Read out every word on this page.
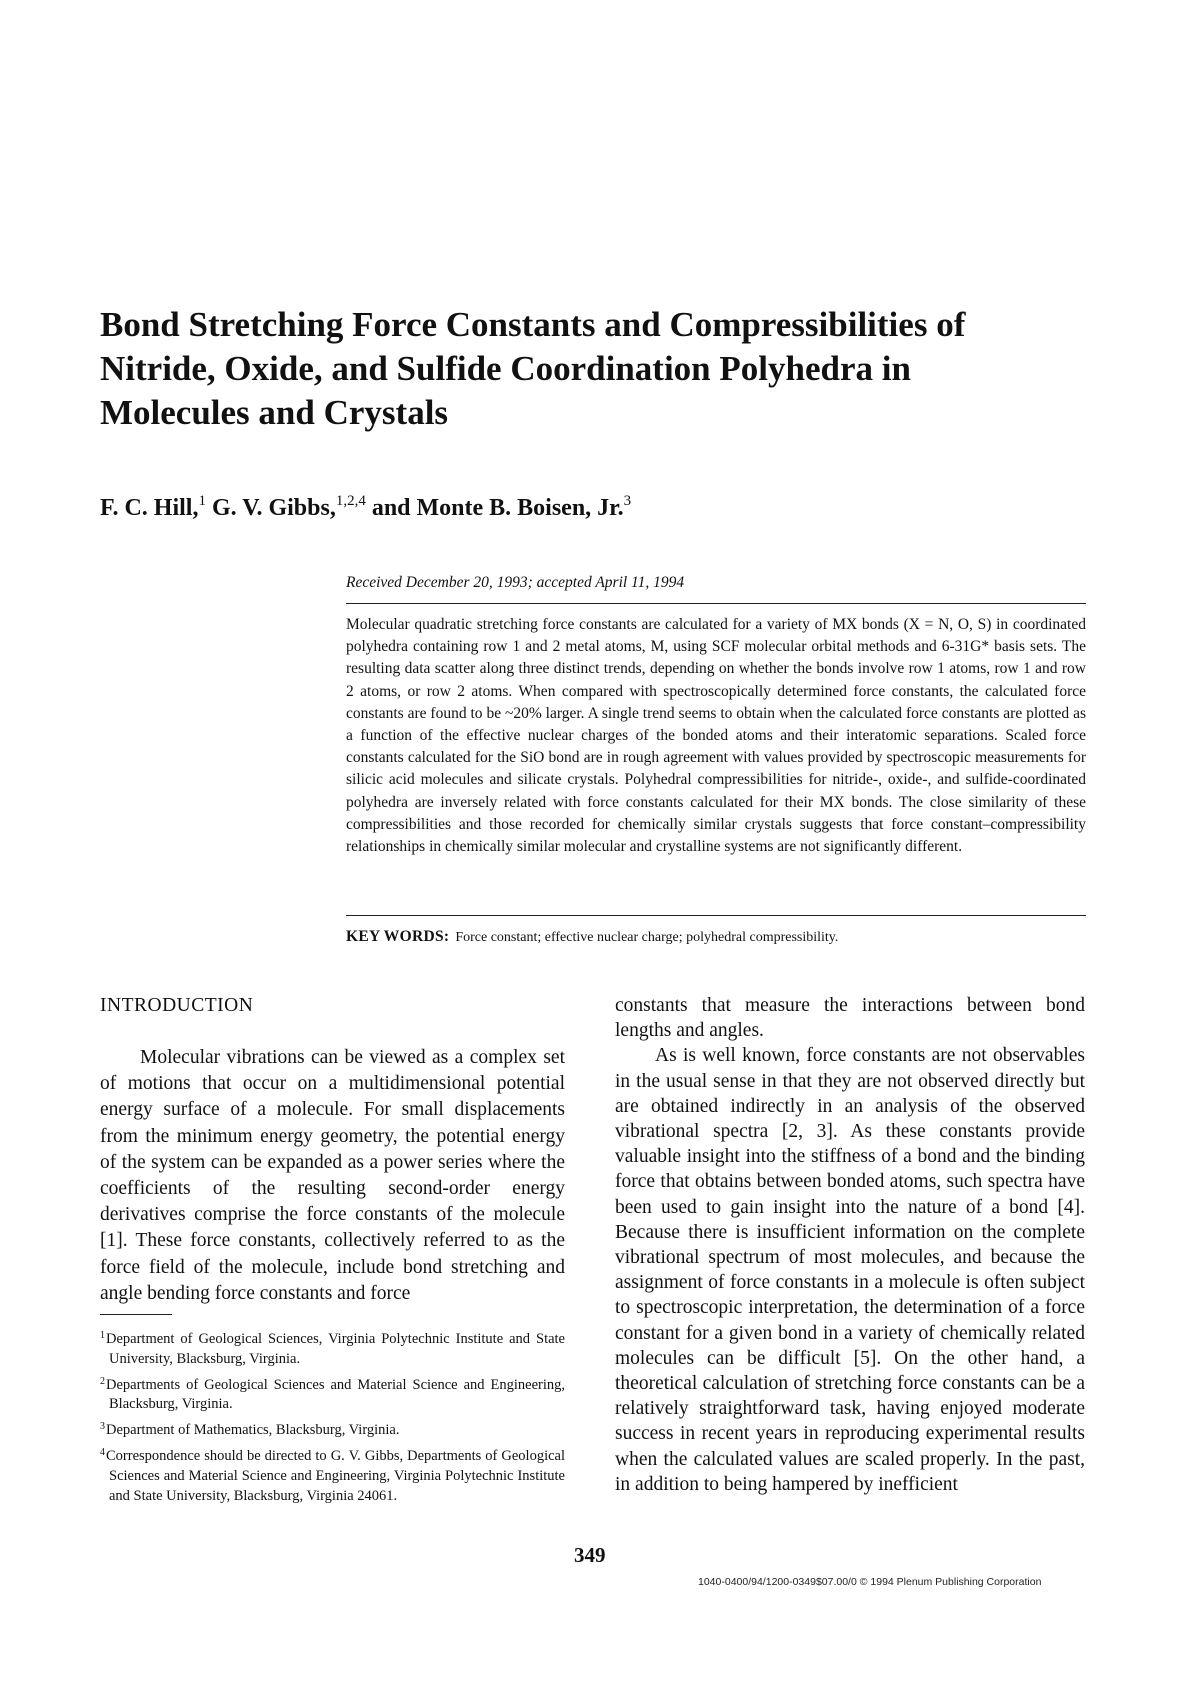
Bond Stretching Force Constants and Compressibilities of Nitride, Oxide, and Sulfide Coordination Polyhedra in Molecules and Crystals
F. C. Hill,$^1$ G. V. Gibbs,$^{1,2,4}$ and Monte B. Boisen, Jr.$^3$
Received December 20, 1993; accepted April 11, 1994

Molecular quadratic stretching force constants are calculated for a variety of MX bonds (X = N, O, S) in coordinated polyhedra containing row 1 and 2 metal atoms, M, using SCF molecular orbital methods and 6-31G* basis sets. The resulting data scatter along three distinct trends, depending on whether the bonds involve row 1 atoms, row 1 and row 2 atoms, or row 2 atoms. When compared with spectroscopically determined force constants, the calculated force constants are found to be ~20% larger. A single trend seems to obtain when the calculated force constants are plotted as a function of the effective nuclear charges of the bonded atoms and their interatomic separations. Scaled force constants calculated for the SiO bond are in rough agreement with values provided by spectroscopic measurements for silicic acid molecules and silicate crystals. Polyhedral compressibilities for nitride-, oxide-, and sulfide-coordinated polyhedra are inversely related with force constants calculated for their MX bonds. The close similarity of these compressibilities and those recorded for chemically similar crystals suggests that force constant–compressibility relationships in chemically similar molecular and crystalline systems are not significantly different.

KEY WORDS: Force constant; effective nuclear charge; polyhedral compressibility.
INTRODUCTION

Molecular vibrations can be viewed as a complex set of motions that occur on a multidimensional potential energy surface of a molecule. For small displacements from the minimum energy geometry, the potential energy of the system can be expanded as a power series where the coefficients of the resulting second-order energy derivatives comprise the force constants of the molecule [1]. These force constants, collectively referred to as the force field of the molecule, include bond stretching and angle bending force constants and force

constants that measure the interactions between bond lengths and angles.

As is well known, force constants are not observables in the usual sense in that they are not observed directly but are obtained indirectly in an analysis of the observed vibrational spectra [2, 3]. As these constants provide valuable insight into the stiffness of a bond and the binding force that obtains between bonded atoms, such spectra have been used to gain insight into the nature of a bond [4]. Because there is insufficient information on the complete vibrational spectrum of most molecules, and because the assignment of force constants in a molecule is often subject to spectroscopic interpretation, the determination of a force constant for a given bond in a variety of chemically related molecules can be difficult [5]. On the other hand, a theoretical calculation of stretching force constants can be a relatively straightforward task, having enjoyed moderate success in recent years in reproducing experimental results when the calculated values are scaled properly. In the past, in addition to being hampered by inefficient

$^1$Department of Geological Sciences, Virginia Polytechnic Institute and State University, Blacksburg, Virginia.

$^2$Departments of Geological Sciences and Material Science and Engineering, Blacksburg, Virginia.

$^3$Department of Mathematics, Blacksburg, Virginia.

$^4$Correspondence should be directed to G. V. Gibbs, Departments of Geological Sciences and Material Science and Engineering, Virginia Polytechnic Institute and State University, Blacksburg, Virginia 24061.

349
1040-0400/94/1200-0349$07.00/0 © 1994 Plenum Publishing Corporation
